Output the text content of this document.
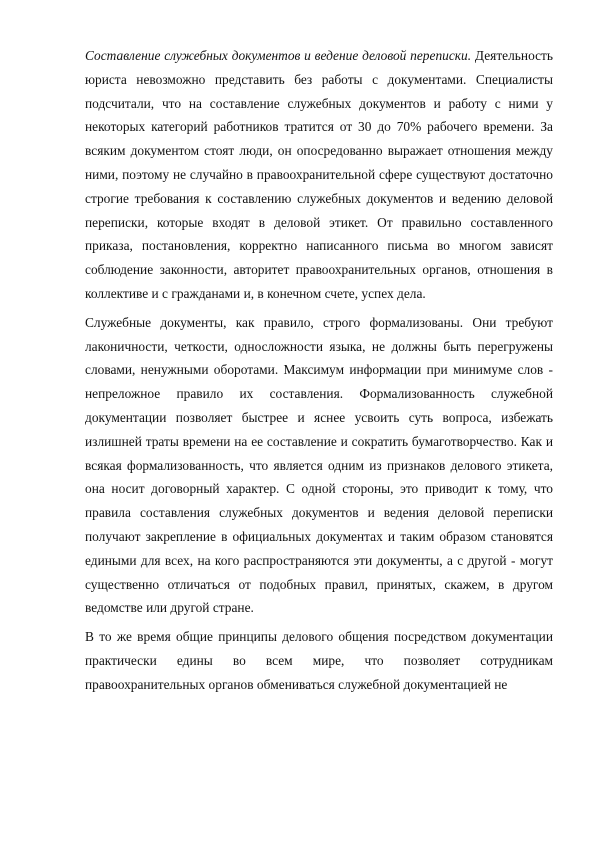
Составление служебных документов и ведение деловой переписки. Деятельность юриста невозможно представить без работы с документами. Специалисты подсчитали, что на составление служебных документов и работу с ними у некоторых категорий работников тратится от 30 до 70% рабочего времени. За всяким документом стоят люди, он опосредованно выражает отношения между ними, поэтому не случайно в правоохранительной сфере существуют достаточно строгие требования к составлению служебных документов и ведению деловой переписки, которые входят в деловой этикет. От правильно составленного приказа, постановления, корректно написанного письма во многом зависят соблюдение законности, авторитет правоохранительных органов, отношения в коллективе и с гражданами и, в конечном счете, успех дела.

Служебные документы, как правило, строго формализованы. Они требуют лаконичности, четкости, односложности языка, не должны быть перегружены словами, ненужными оборотами. Максимум информации при минимуме слов - непреложное правило их составления. Формализованность служебной документации позволяет быстрее и яснее усвоить суть вопроса, избежать излишней траты времени на ее составление и сократить бумаготворчество. Как и всякая формализованность, что является одним из признаков делового этикета, она носит договорный характер. С одной стороны, это приводит к тому, что правила составления служебных документов и ведения деловой переписки получают закрепление в официальных документах и таким образом становятся едиными для всех, на кого распространяются эти документы, а с другой - могут существенно отличаться от подобных правил, принятых, скажем, в другом ведомстве или другой стране.

В то же время общие принципы делового общения посредством документации практически едины во всем мире, что позволяет сотрудникам правоохранительных органов обмениваться служебной документацией не
